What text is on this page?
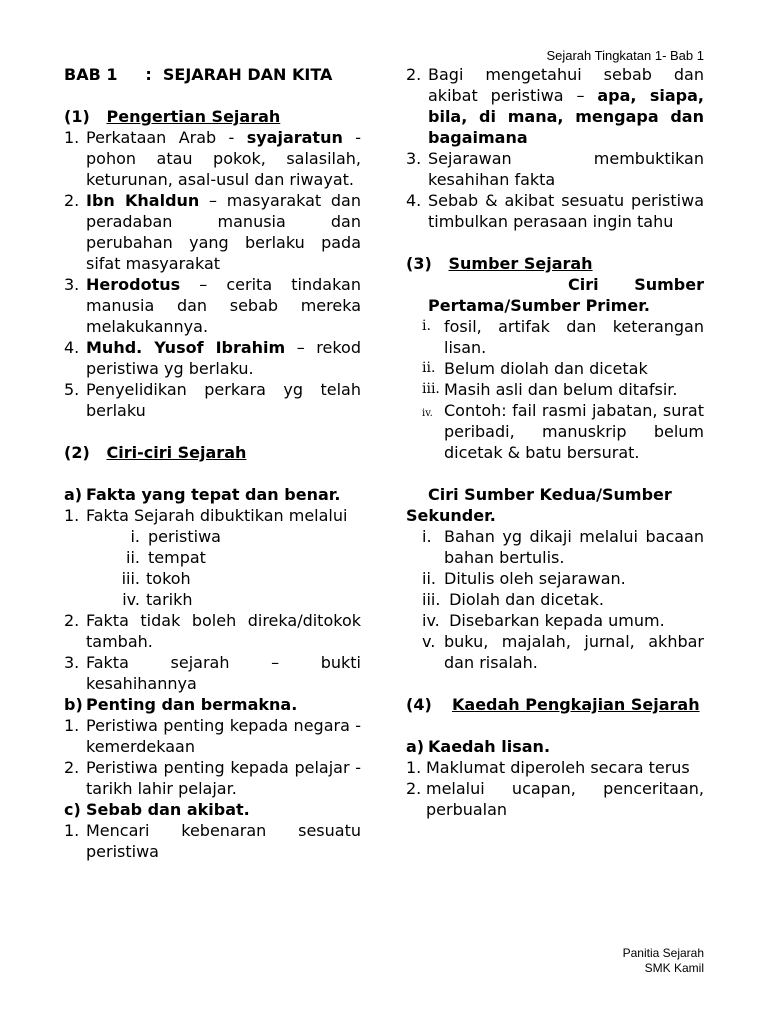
Sejarah Tingkatan 1- Bab 1
BAB 1 : SEJARAH DAN KITA
(1) Pengertian Sejarah
1. Perkataan Arab - syajaratun - pohon atau pokok, salasilah, keturunan, asal-usul dan riwayat.
2. Ibn Khaldun – masyarakat dan peradaban manusia dan perubahan yang berlaku pada sifat masyarakat
3. Herodotus – cerita tindakan manusia dan sebab mereka melakukannya.
4. Muhd. Yusof Ibrahim – rekod peristiwa yg berlaku.
5. Penyelidikan perkara yg telah berlaku
(2) Ciri-ciri Sejarah
a) Fakta yang tepat dan benar.
1. Fakta Sejarah dibuktikan melalui
i. peristiwa
ii. tempat
iii. tokoh
iv. tarikh
2. Fakta tidak boleh direka/ditokok tambah.
3. Fakta sejarah – bukti kesahihannya
b) Penting dan bermakna.
1. Peristiwa penting kepada negara - kemerdekaan
2. Peristiwa penting kepada pelajar - tarikh lahir pelajar.
c) Sebab dan akibat.
1. Mencari kebenaran sesuatu peristiwa
2. Bagi mengetahui sebab dan akibat peristiwa – apa, siapa, bila, di mana, mengapa dan bagaimana
3. Sejarawan membuktikan kesahihan fakta
4. Sebab & akibat sesuatu peristiwa timbulkan perasaan ingin tahu
(3) Sumber Sejarah
Ciri Sumber Pertama/Sumber Primer.
i. fosil, artifak dan keterangan lisan.
ii. Belum diolah dan dicetak
iii. Masih asli dan belum ditafsir.
iv. Contoh: fail rasmi jabatan, surat peribadi, manuskrip belum dicetak & batu bersurat.
Ciri Sumber Kedua/Sumber Sekunder.
i. Bahan yg dikaji melalui bacaan bahan bertulis.
ii. Ditulis oleh sejarawan.
iii. Diolah dan dicetak.
iv. Disebarkan kepada umum.
v. buku, majalah, jurnal, akhbar dan risalah.
(4)	Kaedah Pengkajian Sejarah
a) Kaedah lisan.
1. Maklumat diperoleh secara terus
2. melalui ucapan, penceritaan, perbualan
Panitia Sejarah
SMK Kamil
